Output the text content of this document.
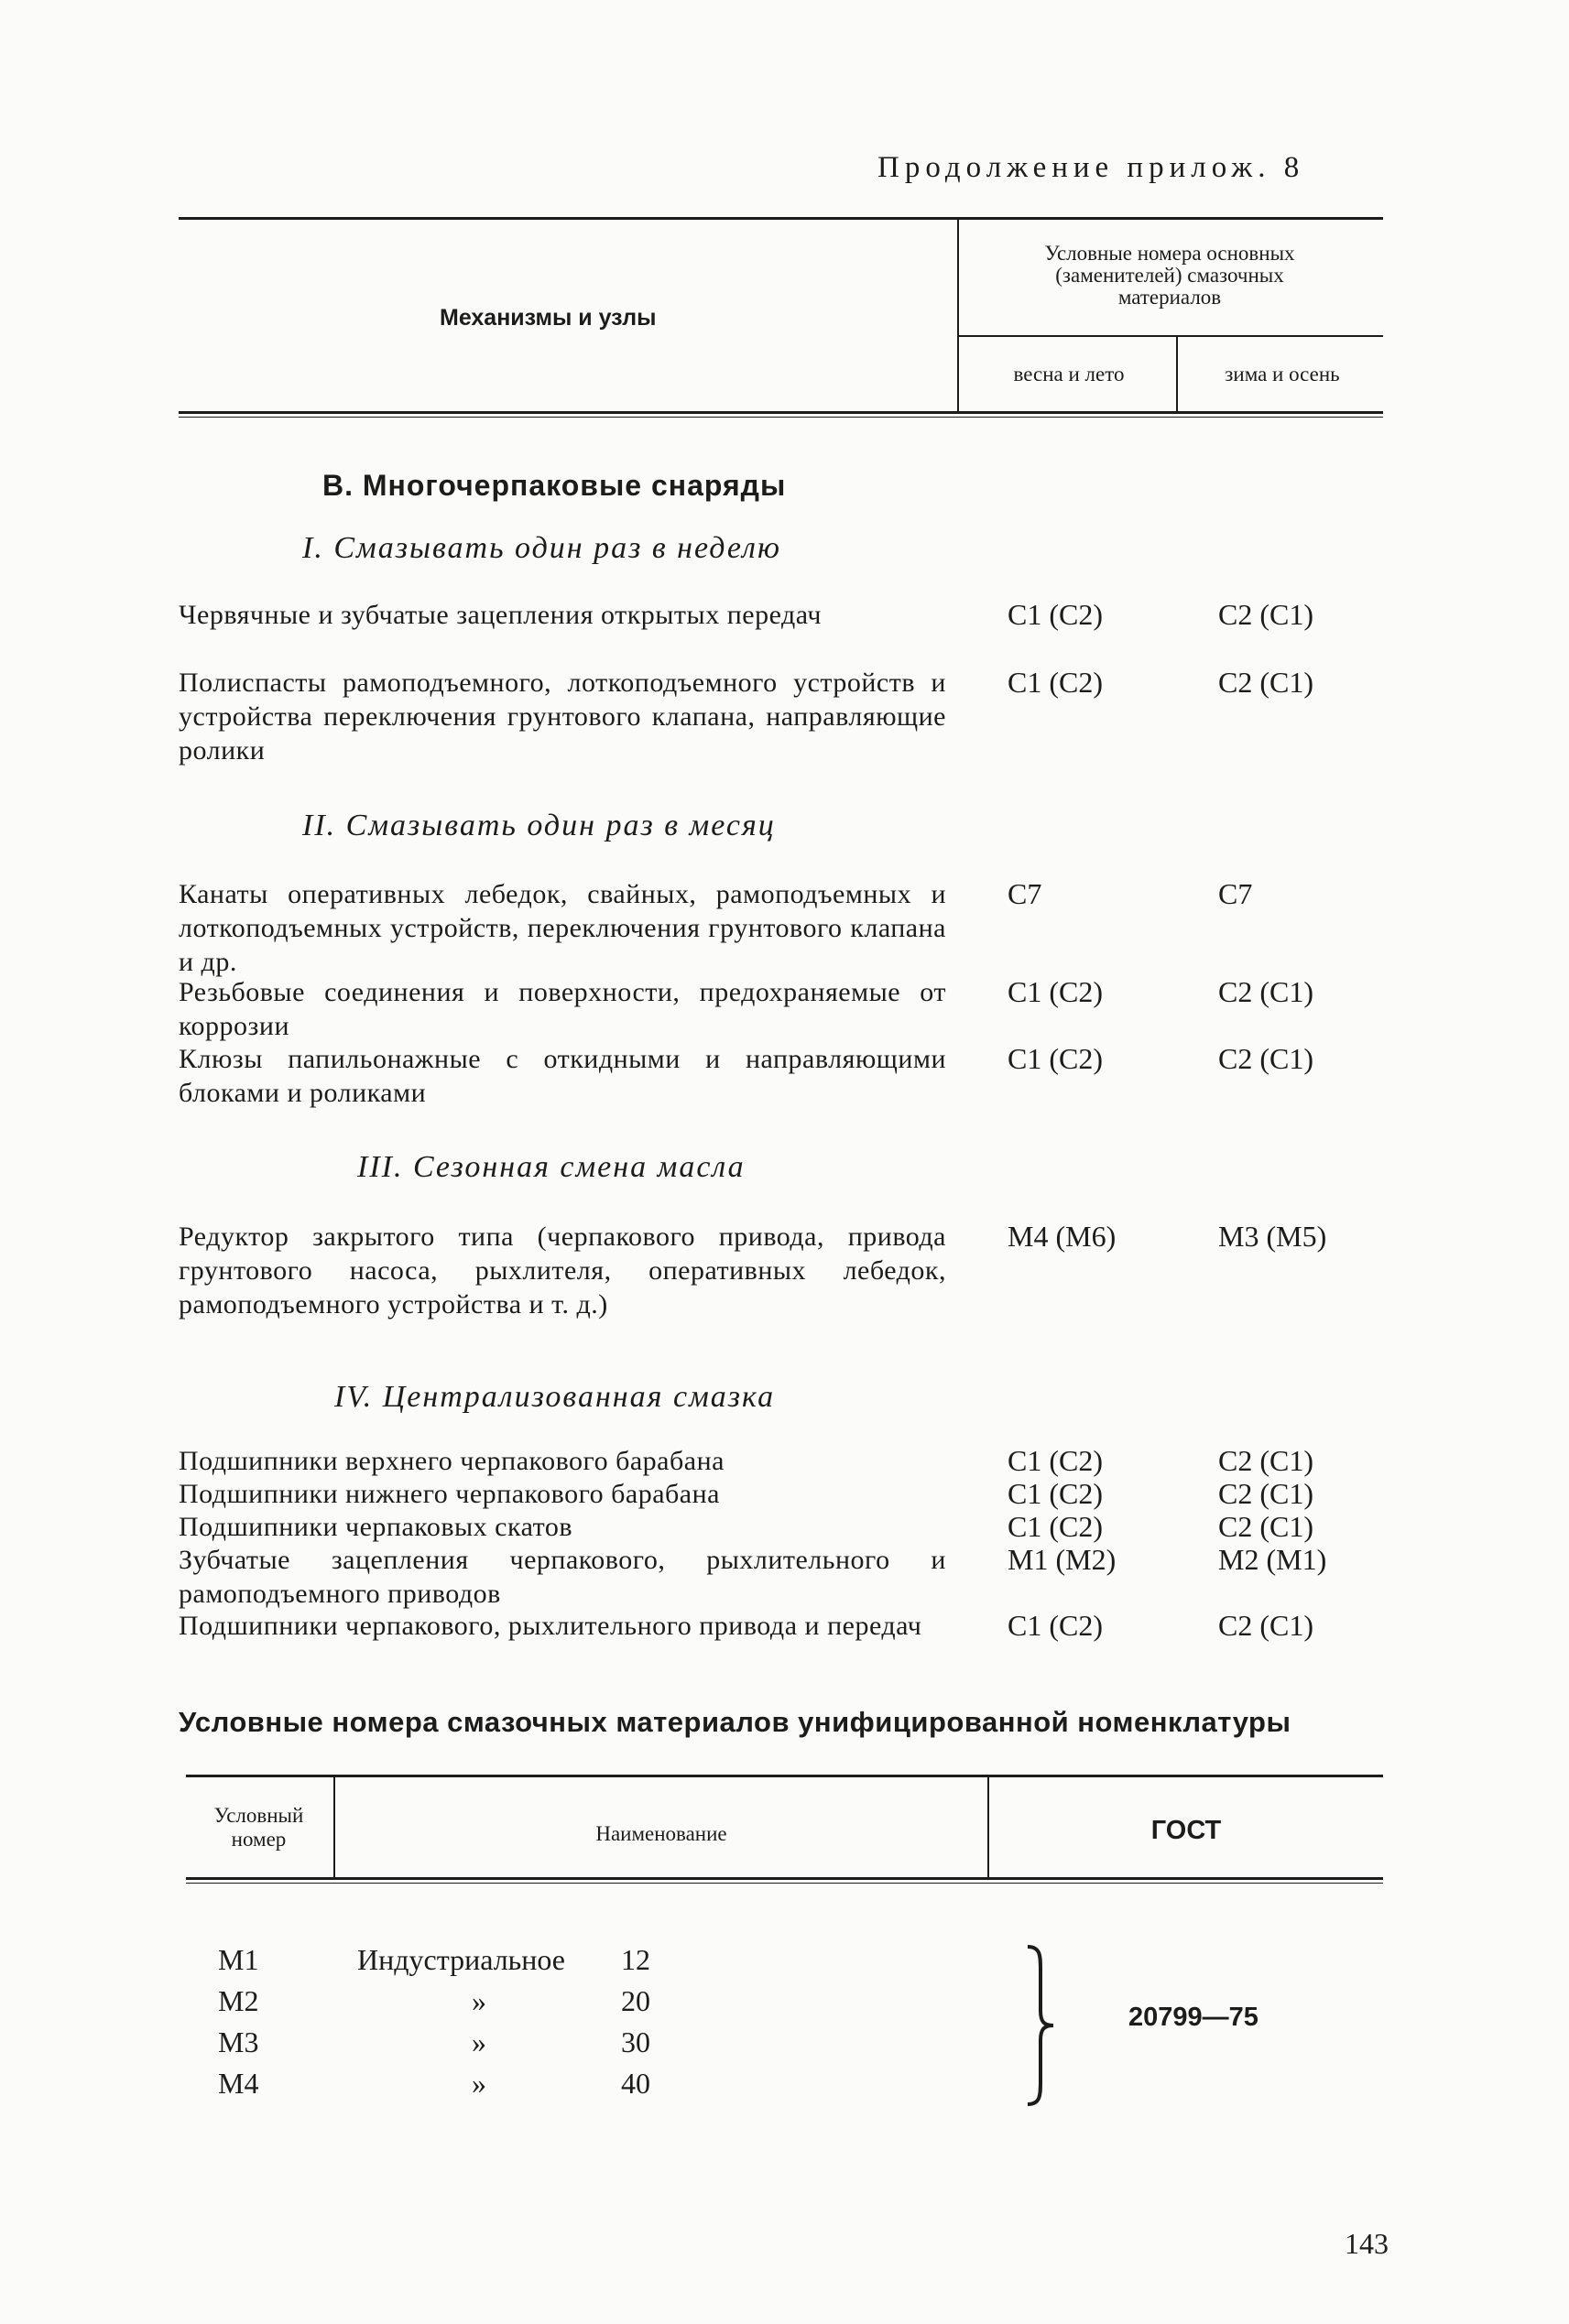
Продолжение прилож. 8
Механизмы и узлы
Условные номера основных
(заменителей) смазочных
материалов
весна и лето	зима и осень
В. Многочерпаковые снаряды
I. Смазывать один раз в неделю
Червячные и зубчатые зацепления открытых передач	С1 (С2)	С2 (С1)
Полиспасты рамоподъемного, лоткоподъемного устройств и устройства переключения грунтового клапана, направляющие ролики
С1 (С2)	С2 (С1)
II. Смазывать один раз в месяц
Канаты оперативных лебедок, свайных, рамоподъемных и лоткоподъемных устройств, переключения грунтового клапана и др.
С7	С7
Резьбовые соединения и поверхности, предохраняемые от коррозии
С1 (С2)	С2 (С1)
Клюзы папильонажные с откидными и направляющими блоками и роликами
С1 (С2)	С2 (С1)
III. Сезонная смена масла
Редуктор закрытого типа (черпакового привода, привода грунтового насоса, рыхлителя, оперативных лебедок, рамоподъемного устройства и т. д.)
М4 (М6)	М3 (М5)
IV. Централизованная смазка
Подшипники верхнего черпакового барабана	С1 (С2)	С2 (С1)
Подшипники нижнего черпакового барабана	С1 (С2)	С2 (С1)
Подшипники черпаковых скатов	С1 (С2)	С2 (С1)
Зубчатые зацепления черпакового, рыхлительного и рамоподъемного приводов
М1 (М2)	М2 (М1)
Подшипники черпакового, рыхлительного привода и передач	С1 (С2)	С2 (С1)
Условные номера смазочных материалов унифицированной номенклатуры
Условный
номер	Наименование	ГОСТ
М1	Индустриальное 12
М2	»	20
М3	»	30
М4	»	40
20799—75
143
